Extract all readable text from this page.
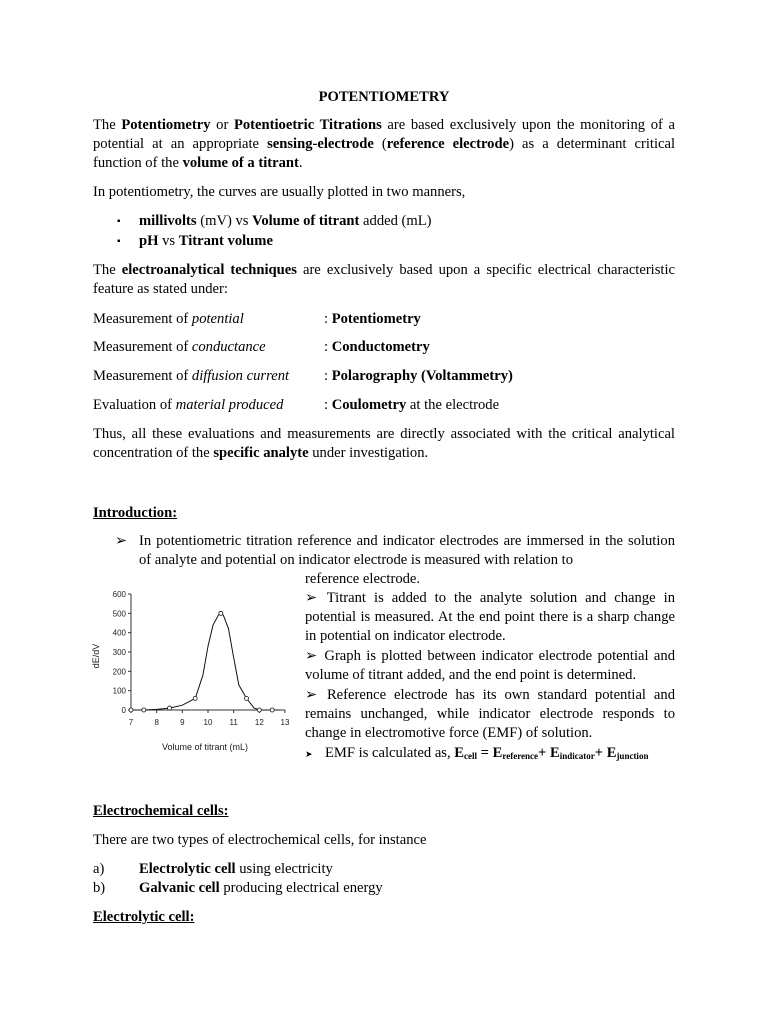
POTENTIOMETRY

The Potentiometry or Potentioetric Titrations are based exclusively upon the monitoring of a potential at an appropriate sensing-electrode (reference electrode) as a determinant critical function of the volume of a titrant.

In potentiometry, the curves are usually plotted in two manners,
▪ millivolts (mV) vs Volume of titrant added (mL)
▪ pH vs Titrant volume

The electroanalytical techniques are exclusively based upon a specific electrical characteristic feature as stated under:

Measurement of potential	: Potentiometry
Measurement of conductance	: Conductometry
Measurement of diffusion current : Polarography (Voltammetry)
Evaluation of material produced	: Coulometry at the electrode

Thus, all these evaluations and measurements are directly associated with the critical analytical concentration of the specific analyte under investigation.

Introduction:
➢ In potentiometric titration reference and indicator electrodes are immersed in the solution of analyte and potential on indicator electrode is measured with relation to

reference electrode.
dE/dV
Volume of titrant (mL)
0
100
200
300
400
500
600
7	8	9 10 11 12 13

➢ Titrant is added to the analyte solution and change in potential is measured. At the end point there is a sharp change in potential on indicator electrode.

➢ Graph is plotted between indicator electrode potential and volume of titrant added, and the end point is determined.

➢ Reference electrode has its own standard potential and remains unchanged, while indicator electrode responds to change in electromotive force (EMF) of solution.

➤ EMF is calculated as, $E_{cell} = E_{reference}+ E_{indicator}+ E_{junction}$
Electrochemical cells:
There are two types of electrochemical cells, for instance
a) Electrolytic cell using electricity
b) Galvanic cell producing electrical energy
Electrolytic cell:
